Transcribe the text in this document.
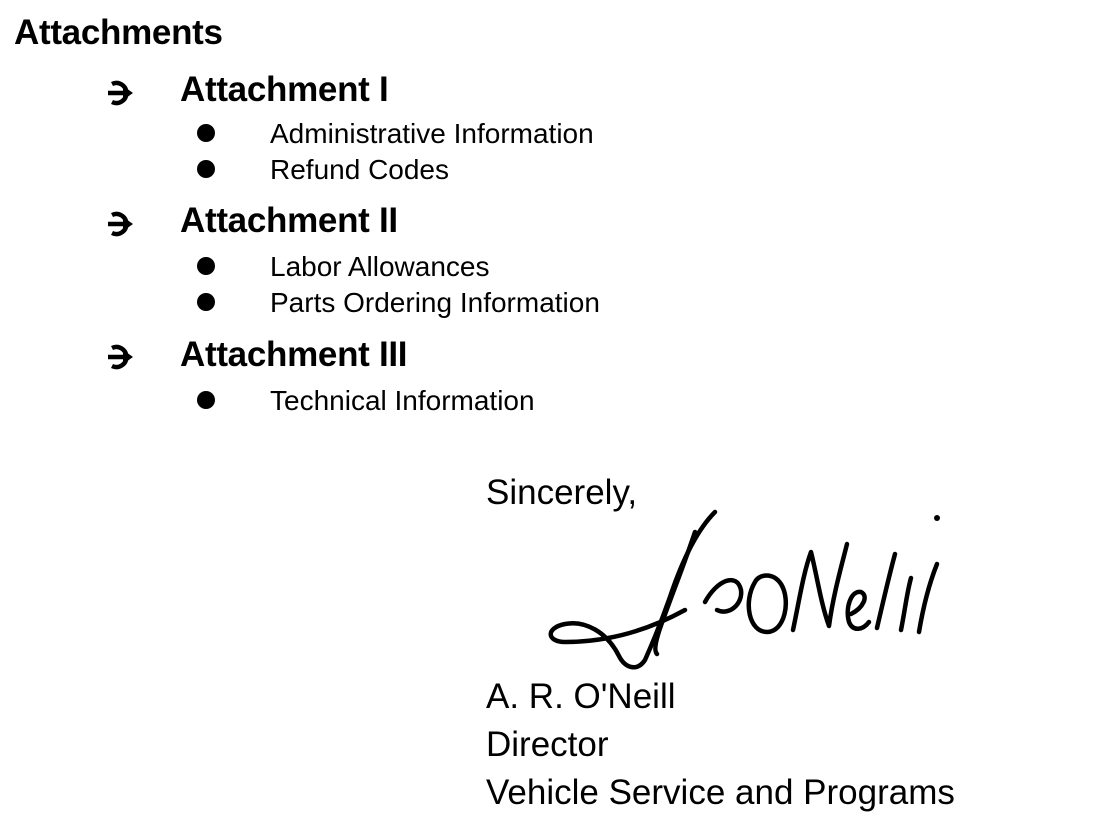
Attachments
Attachment I
Administrative Information
Refund Codes
Attachment II
Labor Allowances
Parts Ordering Information
Attachment III
Technical Information
Sincerely,
A. R. O'Neill
Director
Vehicle Service and Programs
